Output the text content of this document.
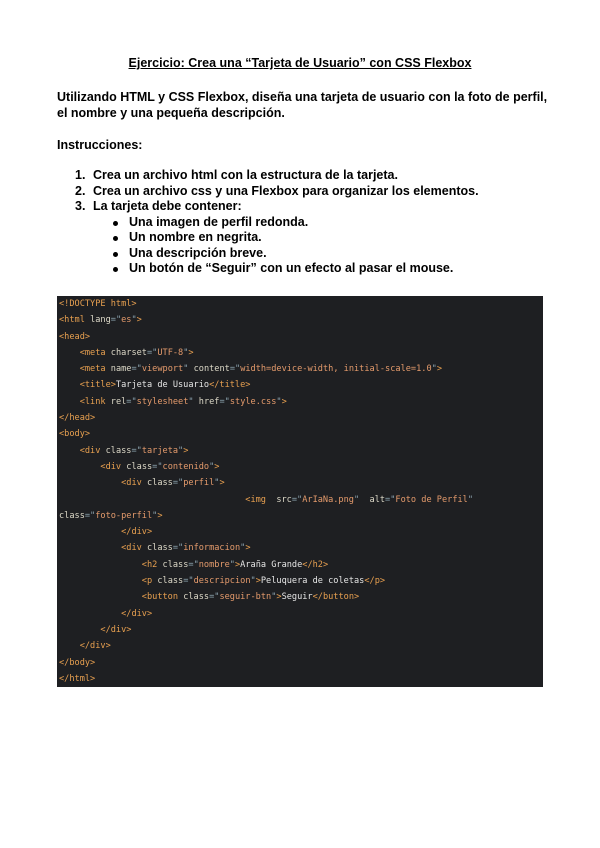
Ejercicio: Crea una “Tarjeta de Usuario” con CSS Flexbox
Utilizando HTML y CSS Flexbox, diseña una tarjeta de usuario con la foto de perfil, el nombre y una pequeña descripción.
Instrucciones:
1. Crea un archivo html con la estructura de la tarjeta.
2. Crea un archivo css y una Flexbox para organizar los elementos.
3. La tarjeta debe contener:
Una imagen de perfil redonda.
Un nombre en negrita.
Una descripción breve.
Un botón de “Seguir” con un efecto al pasar el mouse.
<!DOCTYPE html>
<html lang="es">
<head>
<meta charset="UTF-8">
<meta name="viewport" content="width=device-width, initial-scale=1.0">
<title>Tarjeta de Usuario</title>
<link rel="stylesheet" href="style.css">
</head>
<body>
<div class="tarjeta">
<div class="contenido">
<div class="perfil">
<img src="ArIaNa.png" alt="Foto de Perfil"
class="foto-perfil">
</div>
<div class="informacion">
<h2 class="nombre">Araña Grande</h2>
<p class="descripcion">Peluquera de coletas</p>
<button class="seguir-btn">Seguir</button>
</div>
</div>
</div>
</body>
</html>
